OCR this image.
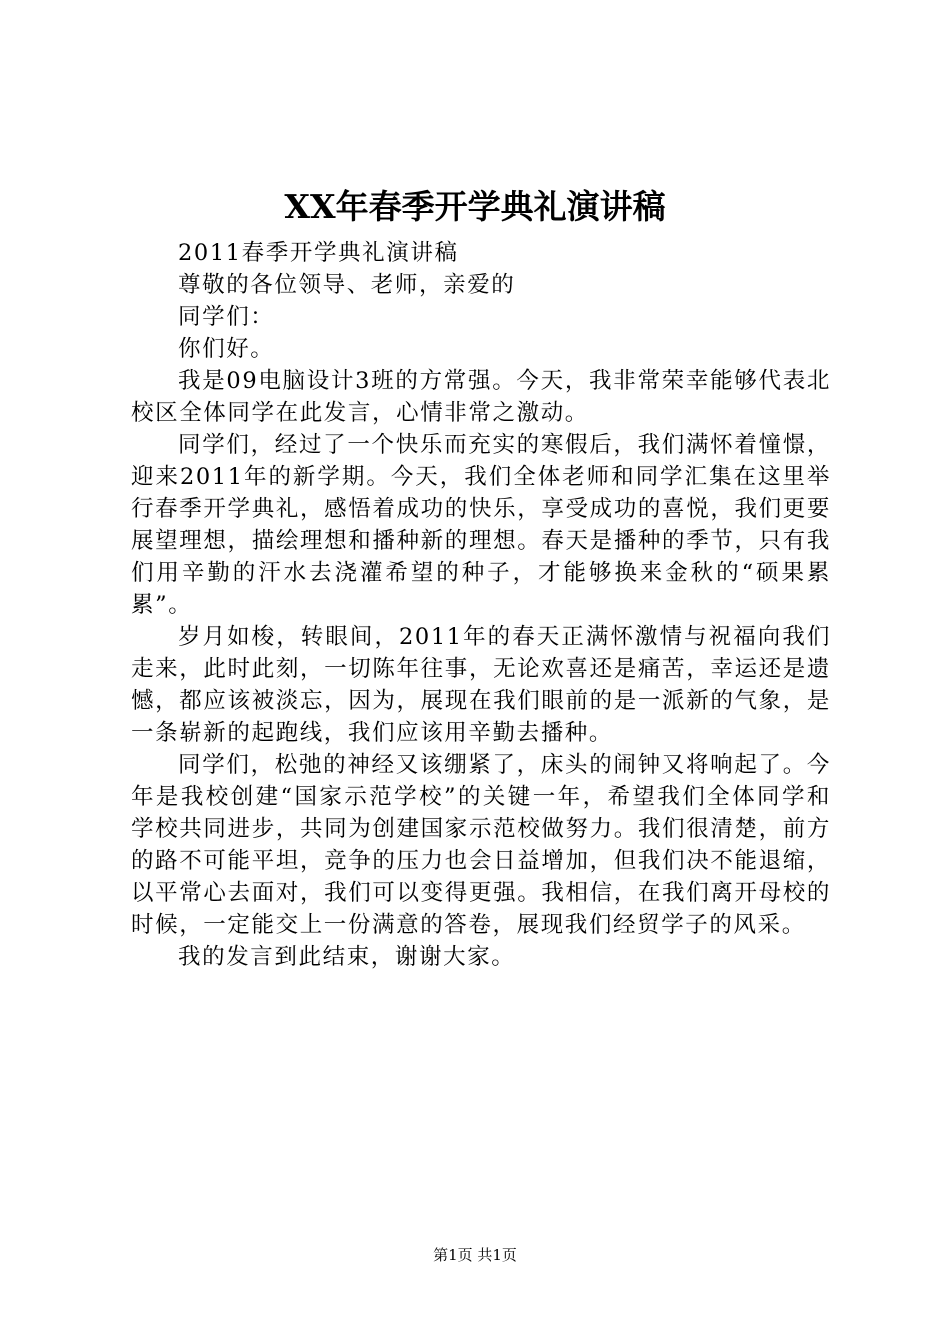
XX年春季开学典礼演讲稿

2011春季开学典礼演讲稿

尊敬的各位领导、老师，亲爱的

同学们：

你们好。

我是09电脑设计3班的方常强。今天，我非常荣幸能够代表北校区全体同学在此发言，心情非常之激动。

同学们，经过了一个快乐而充实的寒假后，我们满怀着憧憬，迎来2011年的新学期。今天，我们全体老师和同学汇集在这里举行春季开学典礼，感悟着成功的快乐，享受成功的喜悦，我们更要展望理想，描绘理想和播种新的理想。春天是播种的季节，只有我们用辛勤的汗水去浇灌希望的种子，才能够换来金秋的“硕果累累”。

岁月如梭，转眼间，2011年的春天正满怀激情与祝福向我们走来，此时此刻，一切陈年往事，无论欢喜还是痛苦，幸运还是遗憾，都应该被淡忘，因为，展现在我们眼前的是一派新的气象，是一条崭新的起跑线，我们应该用辛勤去播种。

同学们，松弛的神经又该绷紧了，床头的闹钟又将响起了。今年是我校创建“国家示范学校”的关键一年，希望我们全体同学和学校共同进步，共同为创建国家示范校做努力。我们很清楚，前方的路不可能平坦，竞争的压力也会日益增加，但我们决不能退缩，以平常心去面对，我们可以变得更强。我相信，在我们离开母校的时候，一定能交上一份满意的答卷，展现我们经贸学子的风采。

我的发言到此结束，谢谢大家。

第1页 共1页
